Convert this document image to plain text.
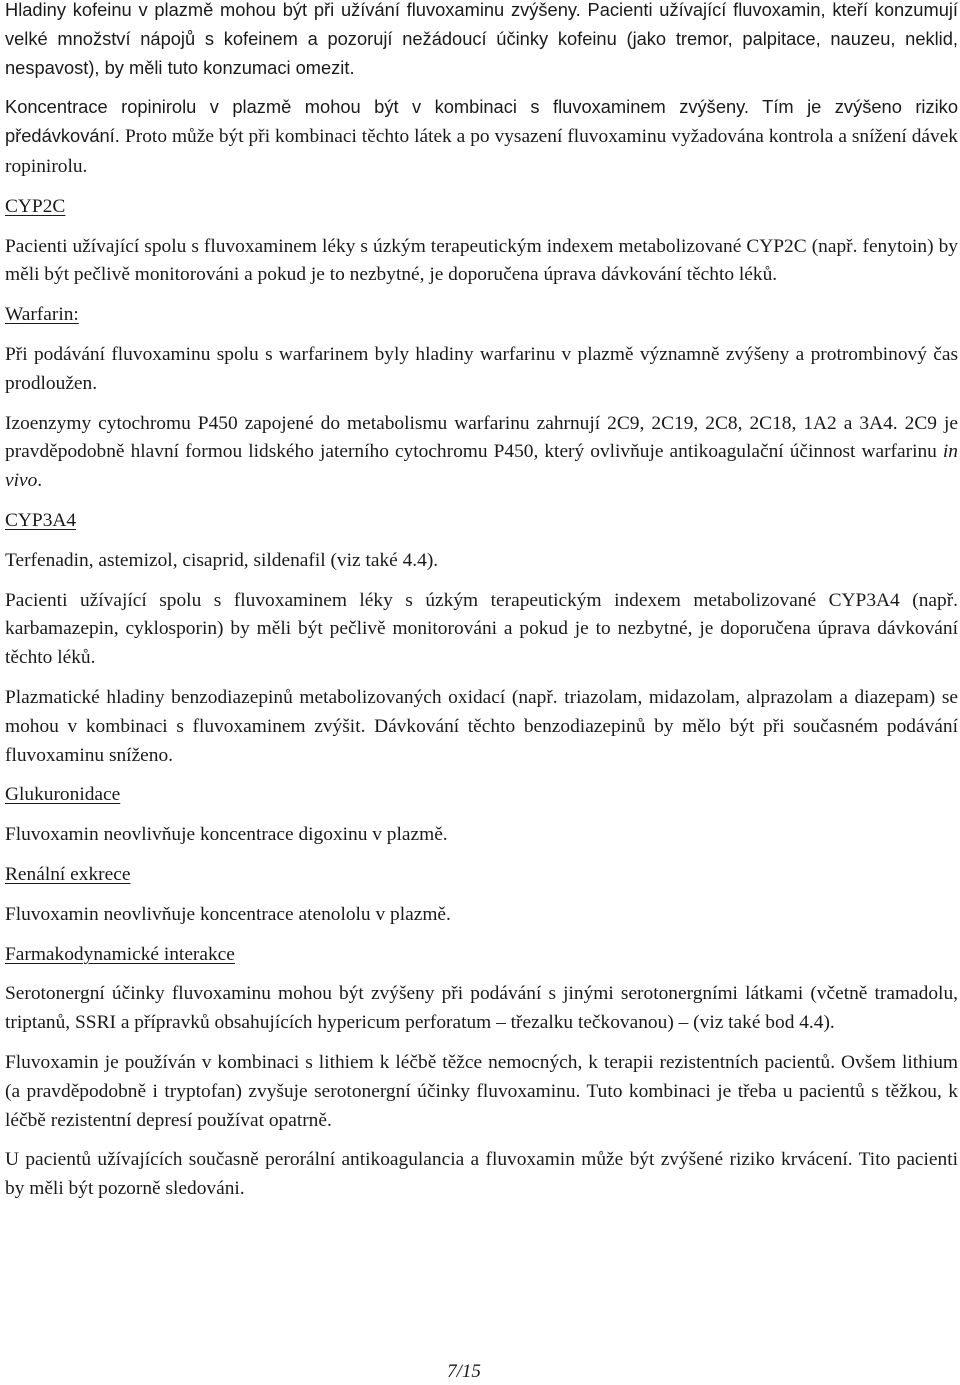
Hladiny kofeinu v plazmě mohou být při užívání fluvoxaminu zvýšeny. Pacienti užívající fluvoxamin, kteří konzumují velké množství nápojů s kofeinem a pozorují nežádoucí účinky kofeinu (jako tremor, palpitace, nauzeu, neklid, nespavost), by měli tuto konzumaci omezit.

Koncentrace ropinirolu v plazmě mohou být v kombinaci s fluvoxaminem zvýšeny. Tím je zvýšeno riziko předávkování. Proto může být při kombinaci těchto látek a po vysazení fluvoxaminu vyžadována kontrola a snížení dávek ropinirolu.

CYP2C

Pacienti užívající spolu s fluvoxaminem léky s úzkým terapeutickým indexem metabolizované CYP2C (např. fenytoin) by měli být pečlivě monitorováni a pokud je to nezbytné, je doporučena úprava dávkování těchto léků.

Warfarin:

Při podávání fluvoxaminu spolu s warfarinem byly hladiny warfarinu v plazmě významně zvýšeny a protrombinový čas prodloužen.

Izoenzymy cytochromu P450 zapojené do metabolismu warfarinu zahrnují 2C9, 2C19, 2C8, 2C18, 1A2 a 3A4. 2C9 je pravděpodobně hlavní formou lidského jaterního cytochromu P450, který ovlivňuje antikoagulační účinnost warfarinu in vivo.

CYP3A4

Terfenadin, astemizol, cisaprid, sildenafil (viz také 4.4).

Pacienti užívající spolu s fluvoxaminem léky s úzkým terapeutickým indexem metabolizované CYP3A4 (např. karbamazepin, cyklosporin) by měli být pečlivě monitorováni a pokud je to nezbytné, je doporučena úprava dávkování těchto léků.

Plazmatické hladiny benzodiazepinů metabolizovaných oxidací (např. triazolam, midazolam, alprazolam a diazepam) se mohou v kombinaci s fluvoxaminem zvýšit. Dávkování těchto benzodiazepinů by mělo být při současném podávání fluvoxaminu sníženo.

Glukuronidace

Fluvoxamin neovlivňuje koncentrace digoxinu v plazmě.

Renální exkrece

Fluvoxamin neovlivňuje koncentrace atenololu v plazmě.

Farmakodynamické interakce

Serotonergní účinky fluvoxaminu mohou být zvýšeny při podávání s jinými serotonergními látkami (včetně tramadolu, triptanů, SSRI a přípravků obsahujících hypericum perforatum – třezalku tečkovanou) – (viz také bod 4.4).

Fluvoxamin je používán v kombinaci s lithiem k léčbě těžce nemocných, k terapii rezistentních pacientů. Ovšem lithium (a pravděpodobně i tryptofan) zvyšuje serotonergní účinky fluvoxaminu. Tuto kombinaci je třeba u pacientů s těžkou, k léčbě rezistentní depresí používat opatrně.

U pacientů užívajících současně perorální antikoagulancia a fluvoxamin může být zvýšené riziko krvácení. Tito pacienti by měli být pozorně sledováni.

7/15
